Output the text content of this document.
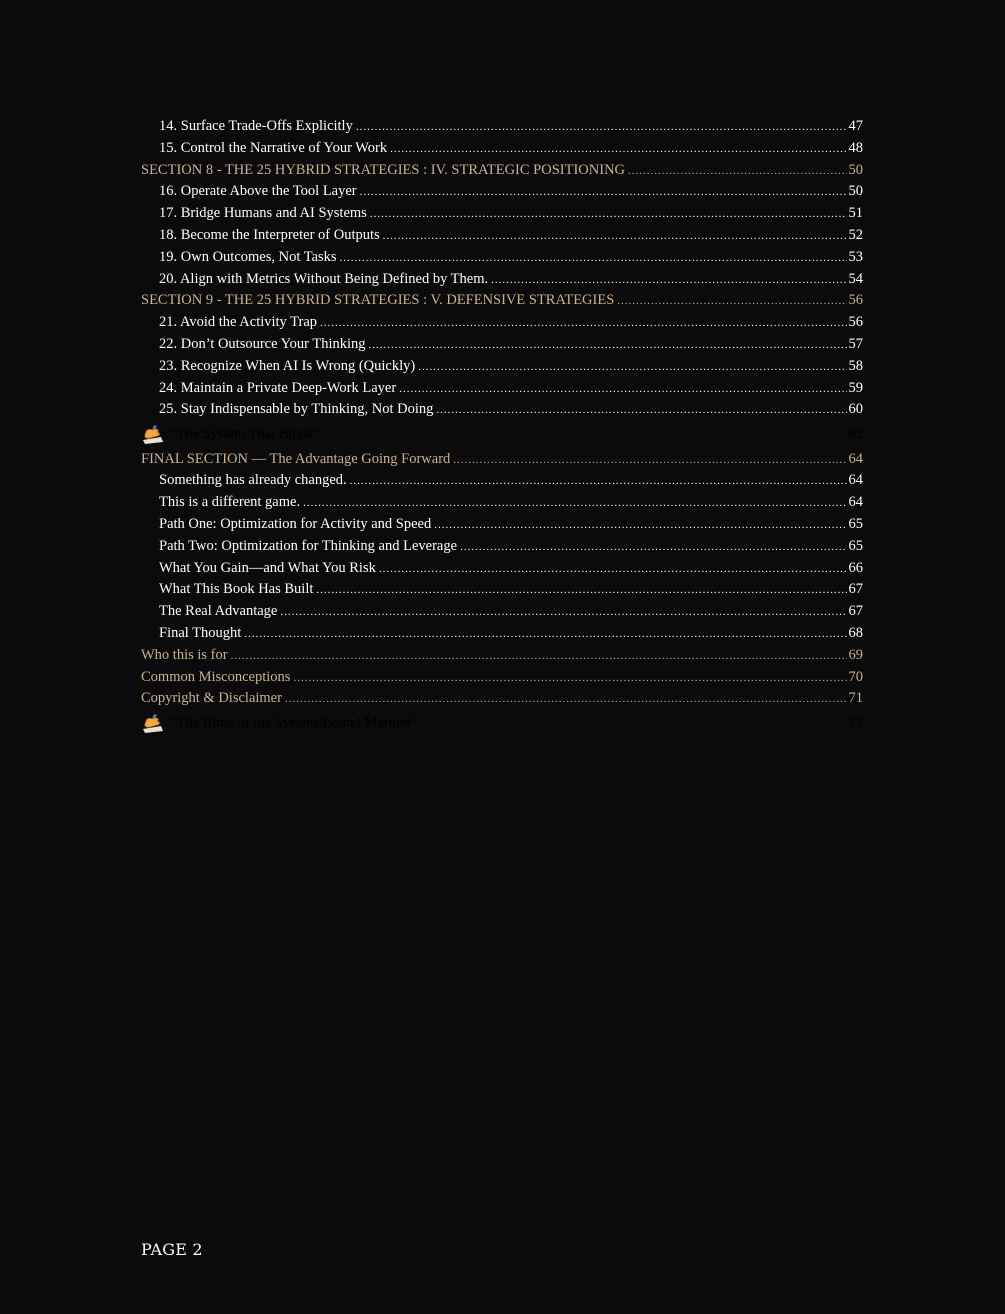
14. Surface Trade-Offs Explicitly .....	47
15. Control the Narrative of Your Work .....	48
SECTION 8 - THE 25 HYBRID STRATEGIES : IV. STRATEGIC POSITIONING .....	50
16. Operate Above the Tool Layer .....	50
17. Bridge Humans and AI Systems .....	51
18. Become the Interpreter of Outputs .....	52
19. Own Outcomes, Not Tasks .....	53
20. Align with Metrics Without Being Defined by Them. .....	54
SECTION 9 - THE 25 HYBRID STRATEGIES : V. DEFENSIVE STRATEGIES .....	56
21. Avoid the Activity Trap .....	56
22. Don’t Outsource Your Thinking .....	57
23. Recognize When AI Is Wrong (Quickly) .....	58
24. Maintain a Private Deep-Work Layer .....	59
25. Stay Indispensable by Thinking, Not Doing .....	60
“The System That Binds” .....	62
FINAL SECTION — The Advantage Going Forward .....	64
Something has already changed. .....	64
This is a different game. .....	64
Path One: Optimization for Activity and Speed .....	65
Path Two: Optimization for Thinking and Leverage .....	65
What You Gain—and What You Risk .....	66
What This Book Has Built .....	67
The Real Advantage .....	67
Final Thought .....	68
Who this is for .....	69
Common Misconceptions .....	70
Copyright & Disclaimer .....	71
“The Rime of the System-Bound Mariner” .....	72
PAGE 2
